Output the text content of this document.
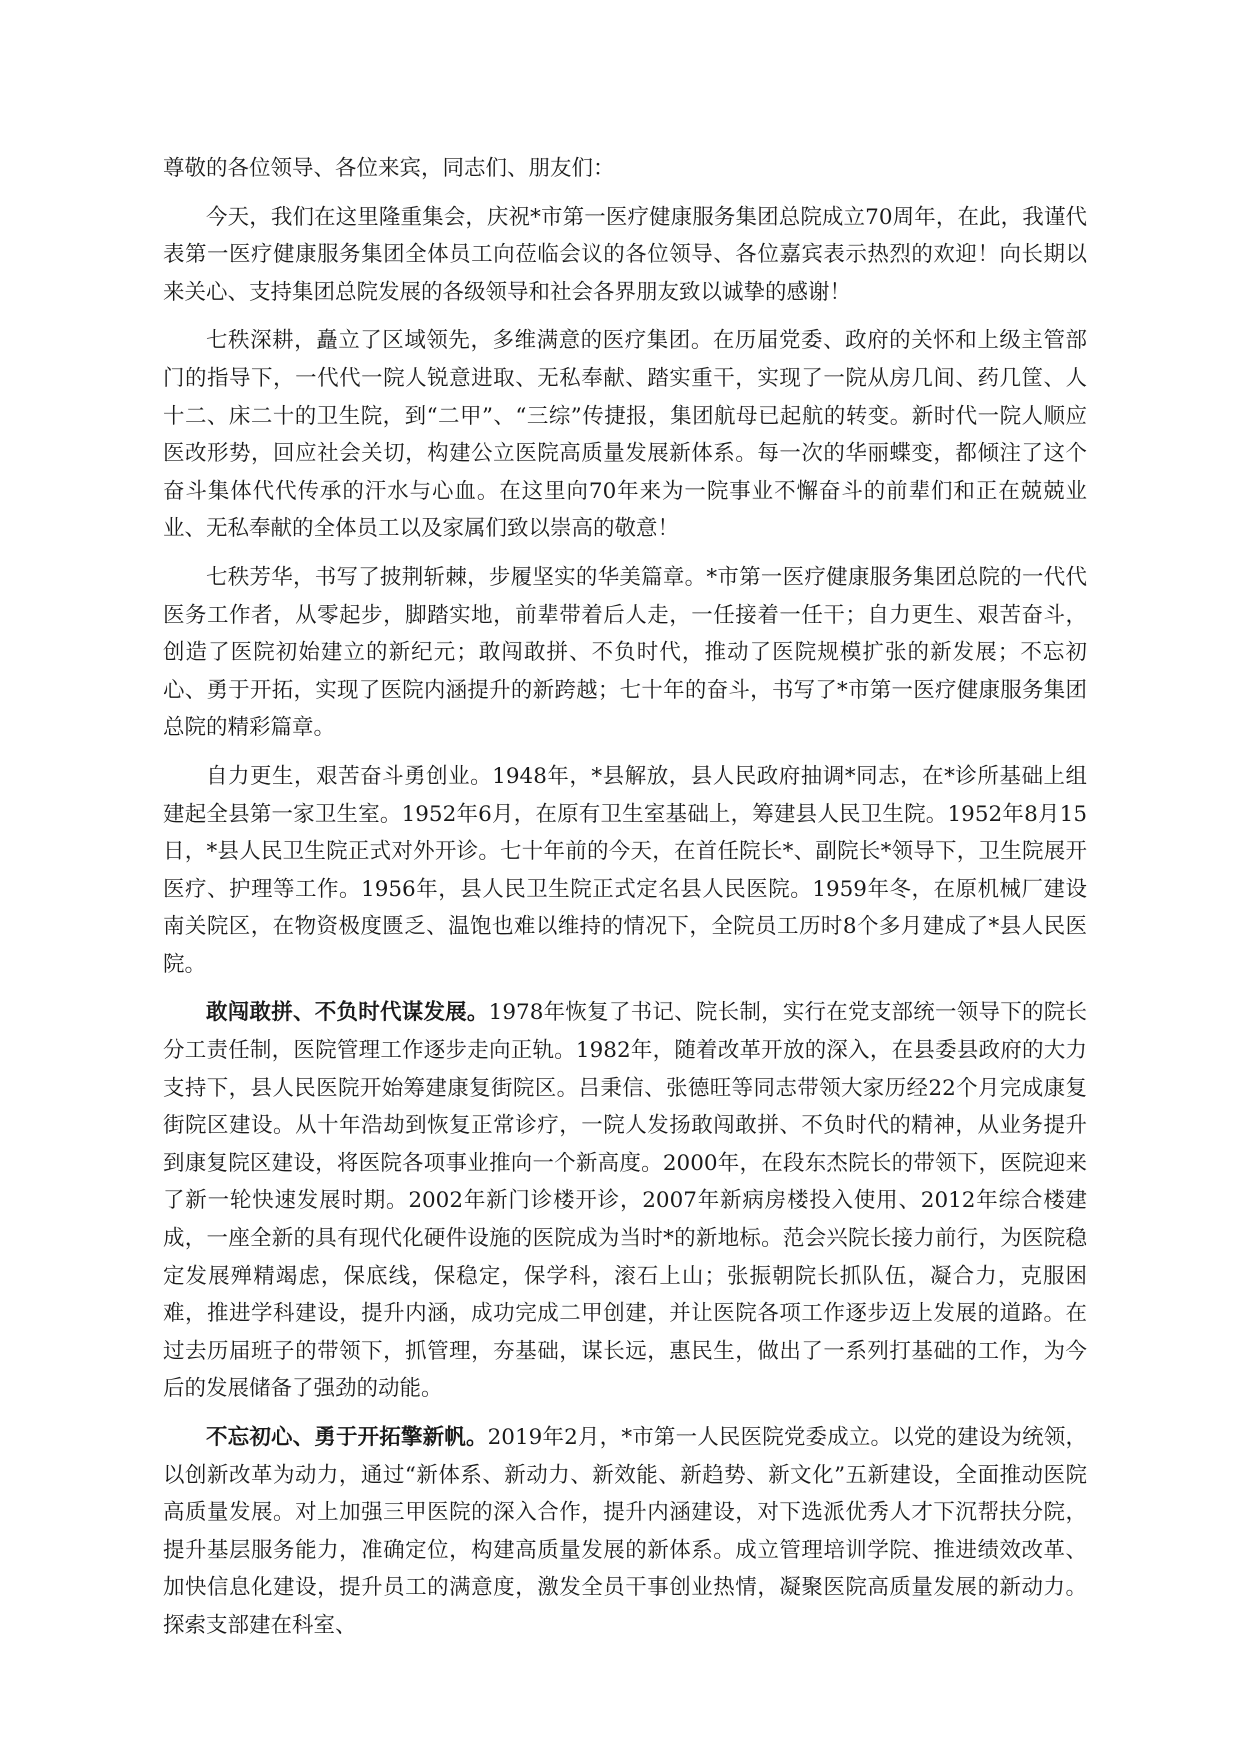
尊敬的各位领导、各位来宾，同志们、朋友们：

今天，我们在这里隆重集会，庆祝*市第一医疗健康服务集团总院成立70周年，在此，我谨代表第一医疗健康服务集团全体员工向莅临会议的各位领导、各位嘉宾表示热烈的欢迎！向长期以来关心、支持集团总院发展的各级领导和社会各界朋友致以诚挚的感谢！

七秩深耕，矗立了区域领先，多维满意的医疗集团。在历届党委、政府的关怀和上级主管部门的指导下，一代代一院人锐意进取、无私奉献、踏实重干，实现了一院从房几间、药几筐、人十二、床二十的卫生院，到“二甲”、“三综”传捷报，集团航母已起航的转变。新时代一院人顺应医改形势，回应社会关切，构建公立医院高质量发展新体系。每一次的华丽蝶变，都倾注了这个奋斗集体代代传承的汗水与心血。在这里向70年来为一院事业不懈奋斗的前辈们和正在兢兢业业、无私奉献的全体员工以及家属们致以崇高的敬意！

七秩芳华，书写了披荆斩棘，步履坚实的华美篇章。*市第一医疗健康服务集团总院的一代代医务工作者，从零起步，脚踏实地，前辈带着后人走，一任接着一任干；自力更生、艰苦奋斗，创造了医院初始建立的新纪元；敢闯敢拼、不负时代，推动了医院规模扩张的新发展；不忘初心、勇于开拓，实现了医院内涵提升的新跨越；七十年的奋斗，书写了*市第一医疗健康服务集团总院的精彩篇章。

自力更生，艰苦奋斗勇创业。1948年，*县解放，县人民政府抽调*同志，在*诊所基础上组建起全县第一家卫生室。1952年6月，在原有卫生室基础上，筹建县人民卫生院。1952年8月15日，*县人民卫生院正式对外开诊。七十年前的今天，在首任院长*、副院长*领导下，卫生院展开医疗、护理等工作。1956年，县人民卫生院正式定名县人民医院。1959年冬，在原机械厂建设南关院区，在物资极度匮乏、温饱也难以维持的情况下，全院员工历时8个多月建成了*县人民医院。

敢闯敢拼、不负时代谋发展。1978年恢复了书记、院长制，实行在党支部统一领导下的院长分工责任制，医院管理工作逐步走向正轨。1982年，随着改革开放的深入，在县委县政府的大力支持下，县人民医院开始筹建康复街院区。吕秉信、张德旺等同志带领大家历经22个月完成康复街院区建设。从十年浩劫到恢复正常诊疗，一院人发扬敢闯敢拼、不负时代的精神，从业务提升到康复院区建设，将医院各项事业推向一个新高度。2000年，在段东杰院长的带领下，医院迎来了新一轮快速发展时期。2002年新门诊楼开诊，2007年新病房楼投入使用、2012年综合楼建成，一座全新的具有现代化硬件设施的医院成为当时*的新地标。范会兴院长接力前行，为医院稳定发展殚精竭虑，保底线，保稳定，保学科，滚石上山；张振朝院长抓队伍，凝合力，克服困难，推进学科建设，提升内涵，成功完成二甲创建，并让医院各项工作逐步迈上发展的道路。在过去历届班子的带领下，抓管理，夯基础，谋长远，惠民生，做出了一系列打基础的工作，为今后的发展储备了强劲的动能。

不忘初心、勇于开拓擎新帆。2019年2月，*市第一人民医院党委成立。以党的建设为统领，以创新改革为动力，通过“新体系、新动力、新效能、新趋势、新文化”五新建设，全面推动医院高质量发展。对上加强三甲医院的深入合作，提升内涵建设，对下选派优秀人才下沉帮扶分院，提升基层服务能力，准确定位，构建高质量发展的新体系。成立管理培训学院、推进绩效改革、加快信息化建设，提升员工的满意度，激发全员干事创业热情，凝聚医院高质量发展的新动力。探索支部建在科室、
